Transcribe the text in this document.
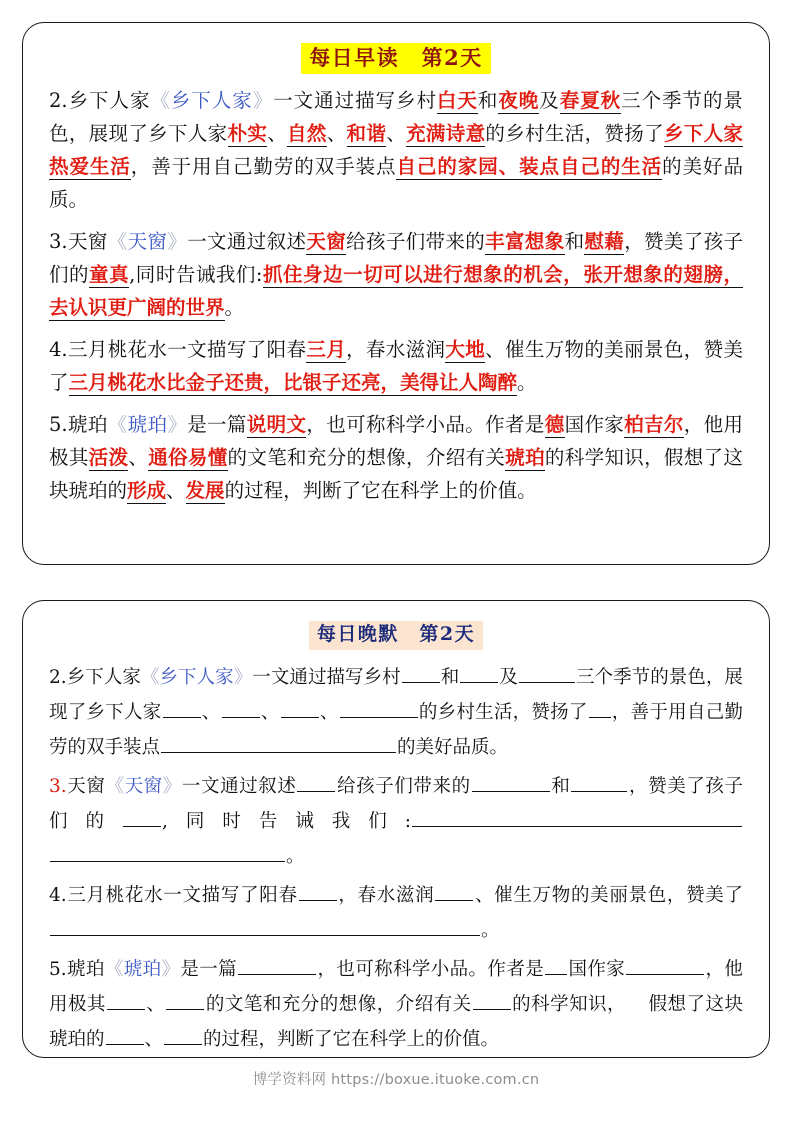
每日早读　第2天

2.乡下人家《乡下人家》一文通过描写乡村白天和夜晚及春夏秋三个季节的景色，展现了乡下人家朴实、自然、和谐、充满诗意的乡村生活，赞扬了乡下人家热爱生活，善于用自己勤劳的双手装点自己的家园、装点自己的生活的美好品质。

3.天窗《天窗》一文通过叙述天窗给孩子们带来的丰富想象和慰藉，赞美了孩子们的童真,同时告诫我们:抓住身边一切可以进行想象的机会，张开想象的翅膀，去认识更广阔的世界。

4.三月桃花水一文描写了阳春三月，春水滋润大地、催生万物的美丽景色，赞美了三月桃花水比金子还贵，比银子还亮，美得让人陶醉。

5.琥珀《琥珀》是一篇说明文，也可称科学小品。作者是德国作家柏吉尔，他用极其活泼、通俗易懂的文笔和充分的想像，介绍有关琥珀的科学知识，假想了这块琥珀的形成、发展的过程，判断了它在科学上的价值。

每日晚默　第2天

2.乡下人家《乡下人家》一文通过描写乡村 和 及	三个季节的景色，展现了乡下人家 、 、 、	的乡村生活，赞扬了 ，善于用自己勤劳的双手装点	的美好品质。

3.天窗《天窗》一文通过叙述 给孩子们带来的	和	，赞美了孩子们的 ,同时告诫我们:。

4.三月桃花水一文描写了阳春 ，春水滋润 、催生万物的美丽景色，赞美了。

5.琥珀《琥珀》是一篇	，也可称科学小品。作者是 国作家	，他用极其 、 的文笔和充分的想像，介绍有关 的科学知识， 假想了这块琥珀的 、 的过程，判断了它在科学上的价值。

博学资料网 https://boxue.ituoke.com.cn
